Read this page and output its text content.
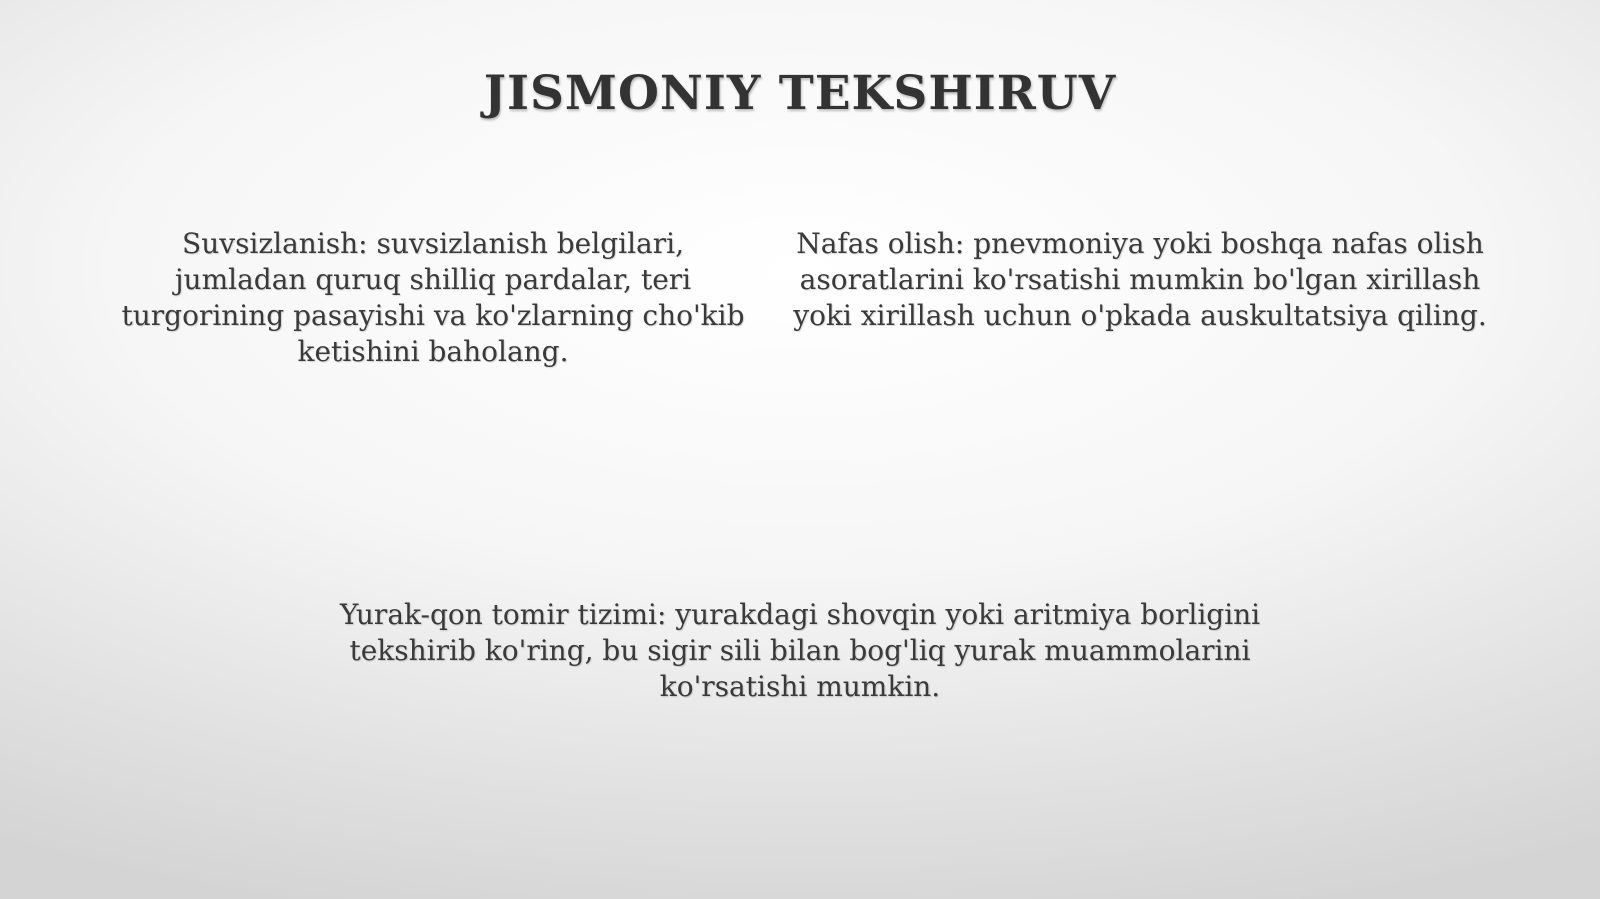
JISMONIY TEKSHIRUV

Suvsizlanish: suvsizlanish belgilari,
jumladan quruq shilliq pardalar, teri
turgorining pasayishi va ko'zlarning cho'kib
ketishini baholang.

Nafas olish: pnevmoniya yoki boshqa nafas olish
asoratlarini ko'rsatishi mumkin bo'lgan xirillash
yoki xirillash uchun o'pkada auskultatsiya qiling.

Yurak-qon tomir tizimi: yurakdagi shovqin yoki aritmiya borligini
tekshirib ko'ring, bu sigir sili bilan bog'liq yurak muammolarini
ko'rsatishi mumkin.
